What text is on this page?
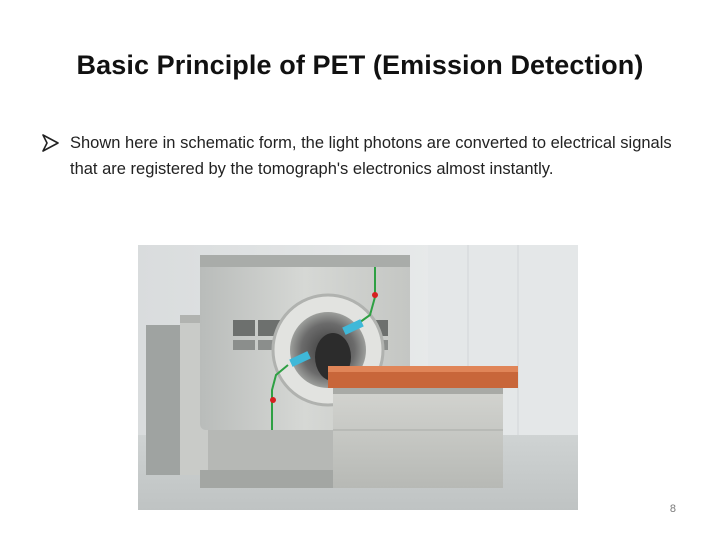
Basic Principle of PET (Emission Detection)
Shown here in schematic form, the light photons are converted to electrical signals that are registered by the tomograph's electronics almost instantly.
8
